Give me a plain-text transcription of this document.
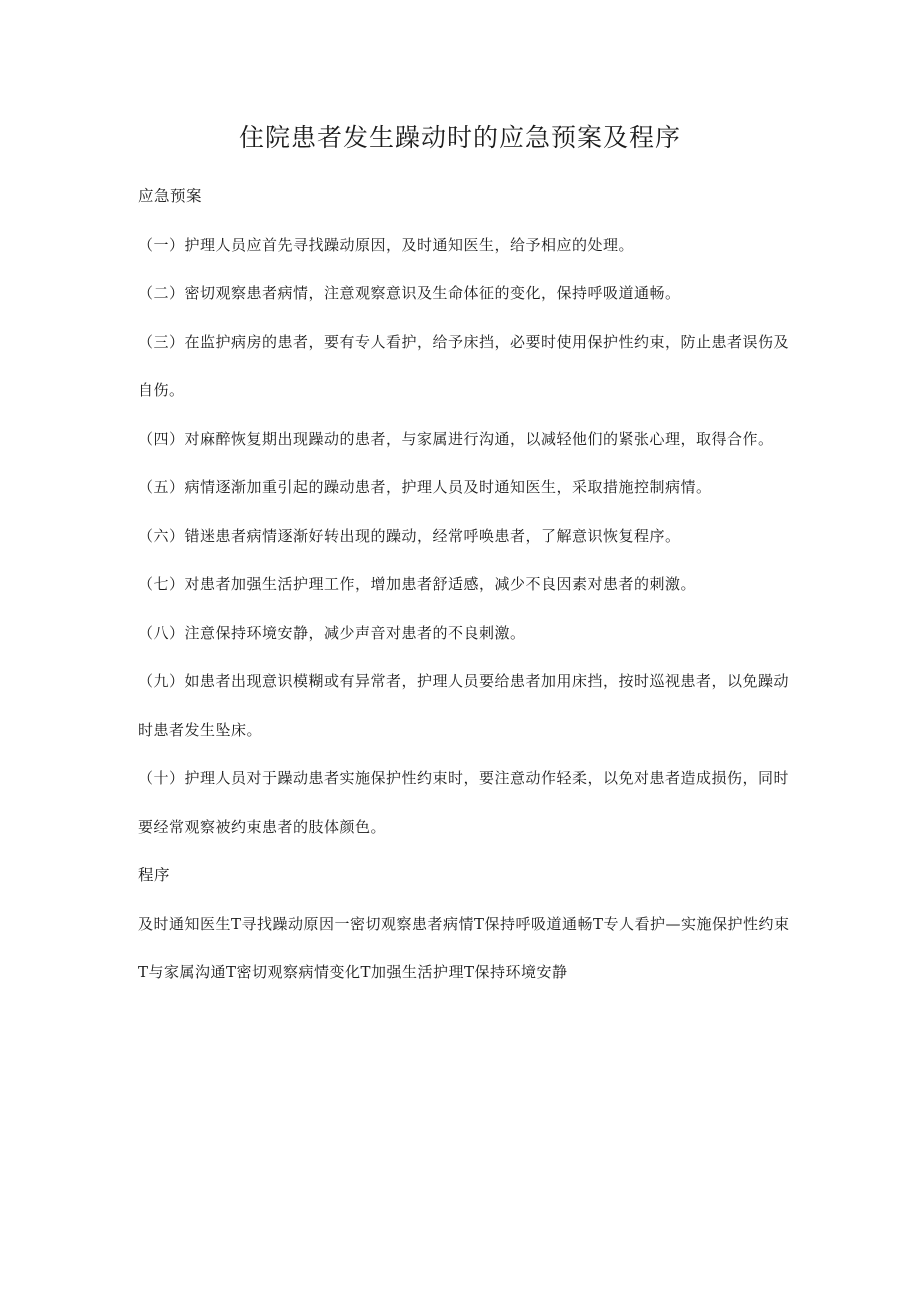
住院患者发生躁动时的应急预案及程序

应急预案

（一）护理人员应首先寻找躁动原因，及时通知医生，给予相应的处理。

（二）密切观察患者病情，注意观察意识及生命体征的变化，保持呼吸道通畅。

（三）在监护病房的患者，要有专人看护，给予床挡，必要时使用保护性约束，防止患者误伤及自伤。

（四）对麻醉恢复期出现躁动的患者，与家属进行沟通，以减轻他们的紧张心理，取得合作。

（五）病情逐渐加重引起的躁动患者，护理人员及时通知医生，采取措施控制病情。

（六）错迷患者病情逐渐好转出现的躁动，经常呼唤患者，了解意识恢复程序。

（七）对患者加强生活护理工作，增加患者舒适感，减少不良因素对患者的刺激。

（八）注意保持环境安静，减少声音对患者的不良刺激。

（九）如患者出现意识模糊或有异常者，护理人员要给患者加用床挡，按时巡视患者，以免躁动时患者发生坠床。

（十）护理人员对于躁动患者实施保护性约束时，要注意动作轻柔，以免对患者造成损伤，同时要经常观察被约束患者的肢体颜色。

程序

及时通知医生T寻找躁动原因一密切观察患者病情T保持呼吸道通畅T专人看护—实施保护性约束T与家属沟通T密切观察病情变化T加强生活护理T保持环境安静
